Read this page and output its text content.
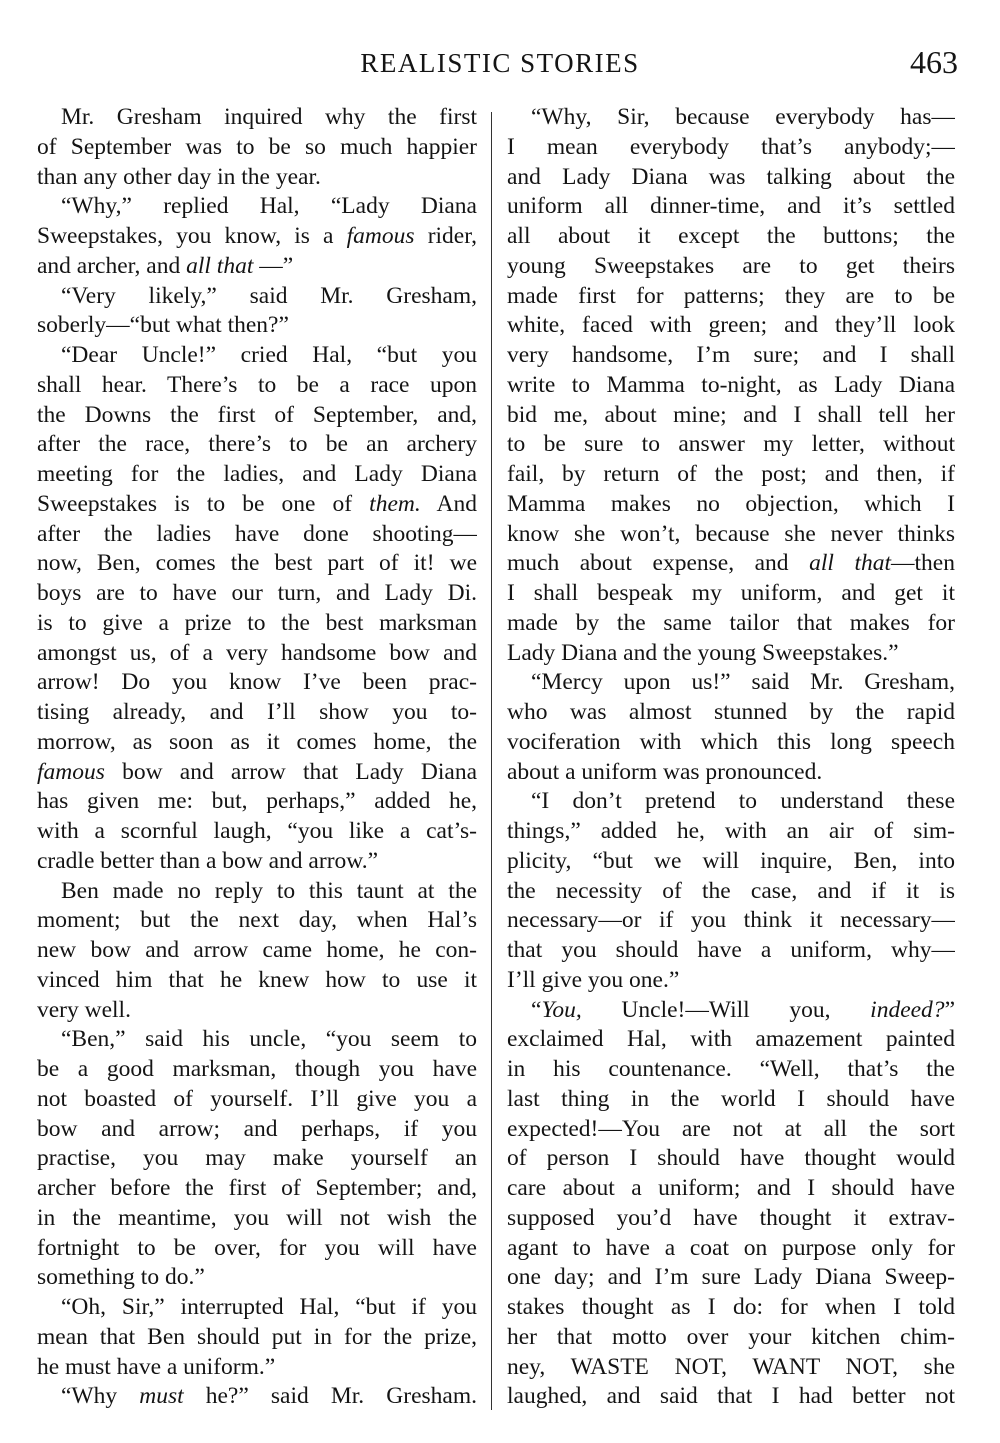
REALISTIC STORIES	463
Mr. Gresham inquired why the first
of September was to be so much happier
than any other day in the year.
“Why,” replied Hal, “Lady Diana
Sweepstakes, you know, is a famous rider,
and archer, and all that —”
“Very likely,” said Mr. Gresham,
soberly—“but what then?”
“Dear Uncle!” cried Hal, “but you
shall hear. There’s to be a race upon
the Downs the first of September, and,
after the race, there’s to be an archery
meeting for the ladies, and Lady Diana
Sweepstakes is to be one of them. And
after the ladies have done shooting—
now, Ben, comes the best part of it! we
boys are to have our turn, and Lady Di.
is to give a prize to the best marksman
amongst us, of a very handsome bow and
arrow! Do you know I’ve been prac-
tising already, and I’ll show you to-
morrow, as soon as it comes home, the
famous bow and arrow that Lady Diana
has given me: but, perhaps,” added he,
with a scornful laugh, “you like a cat’s-
cradle better than a bow and arrow.”
Ben made no reply to this taunt at the
moment; but the next day, when Hal’s
new bow and arrow came home, he con-
vinced him that he knew how to use it
very well.
“Ben,” said his uncle, “you seem to
be a good marksman, though you have
not boasted of yourself. I’ll give you a
bow and arrow; and perhaps, if you
practise, you may make yourself an
archer before the first of September; and,
in the meantime, you will not wish the
fortnight to be over, for you will have
something to do.”
“Oh, Sir,” interrupted Hal, “but if you
mean that Ben should put in for the prize,
he must have a uniform.”
“Why must he?” said Mr. Gresham.
“Why, Sir, because everybody has—
I mean everybody that’s anybody;—
and Lady Diana was talking about the
uniform all dinner-time, and it’s settled
all about it except the buttons; the
young Sweepstakes are to get theirs
made first for patterns; they are to be
white, faced with green; and they’ll look
very handsome, I’m sure; and I shall
write to Mamma to-night, as Lady Diana
bid me, about mine; and I shall tell her
to be sure to answer my letter, without
fail, by return of the post; and then, if
Mamma makes no objection, which I
know she won’t, because she never thinks
much about expense, and all that—then
I shall bespeak my uniform, and get it
made by the same tailor that makes for
Lady Diana and the young Sweepstakes.”
“Mercy upon us!” said Mr. Gresham,
who was almost stunned by the rapid
vociferation with which this long speech
about a uniform was pronounced.
“I don’t pretend to understand these
things,” added he, with an air of sim-
plicity, “but we will inquire, Ben, into
the necessity of the case, and if it is
necessary—or if you think it necessary—
that you should have a uniform, why—
I’ll give you one.”
“You, Uncle!—Will you, indeed?”
exclaimed Hal, with amazement painted
in his countenance. “Well, that’s the
last thing in the world I should have
expected!—You are not at all the sort
of person I should have thought would
care about a uniform; and I should have
supposed you’d have thought it extrav-
agant to have a coat on purpose only for
one day; and I’m sure Lady Diana Sweep-
stakes thought as I do: for when I told
her that motto over your kitchen chim-
ney, WASTE NOT, WANT NOT, she
laughed, and said that I had better not
